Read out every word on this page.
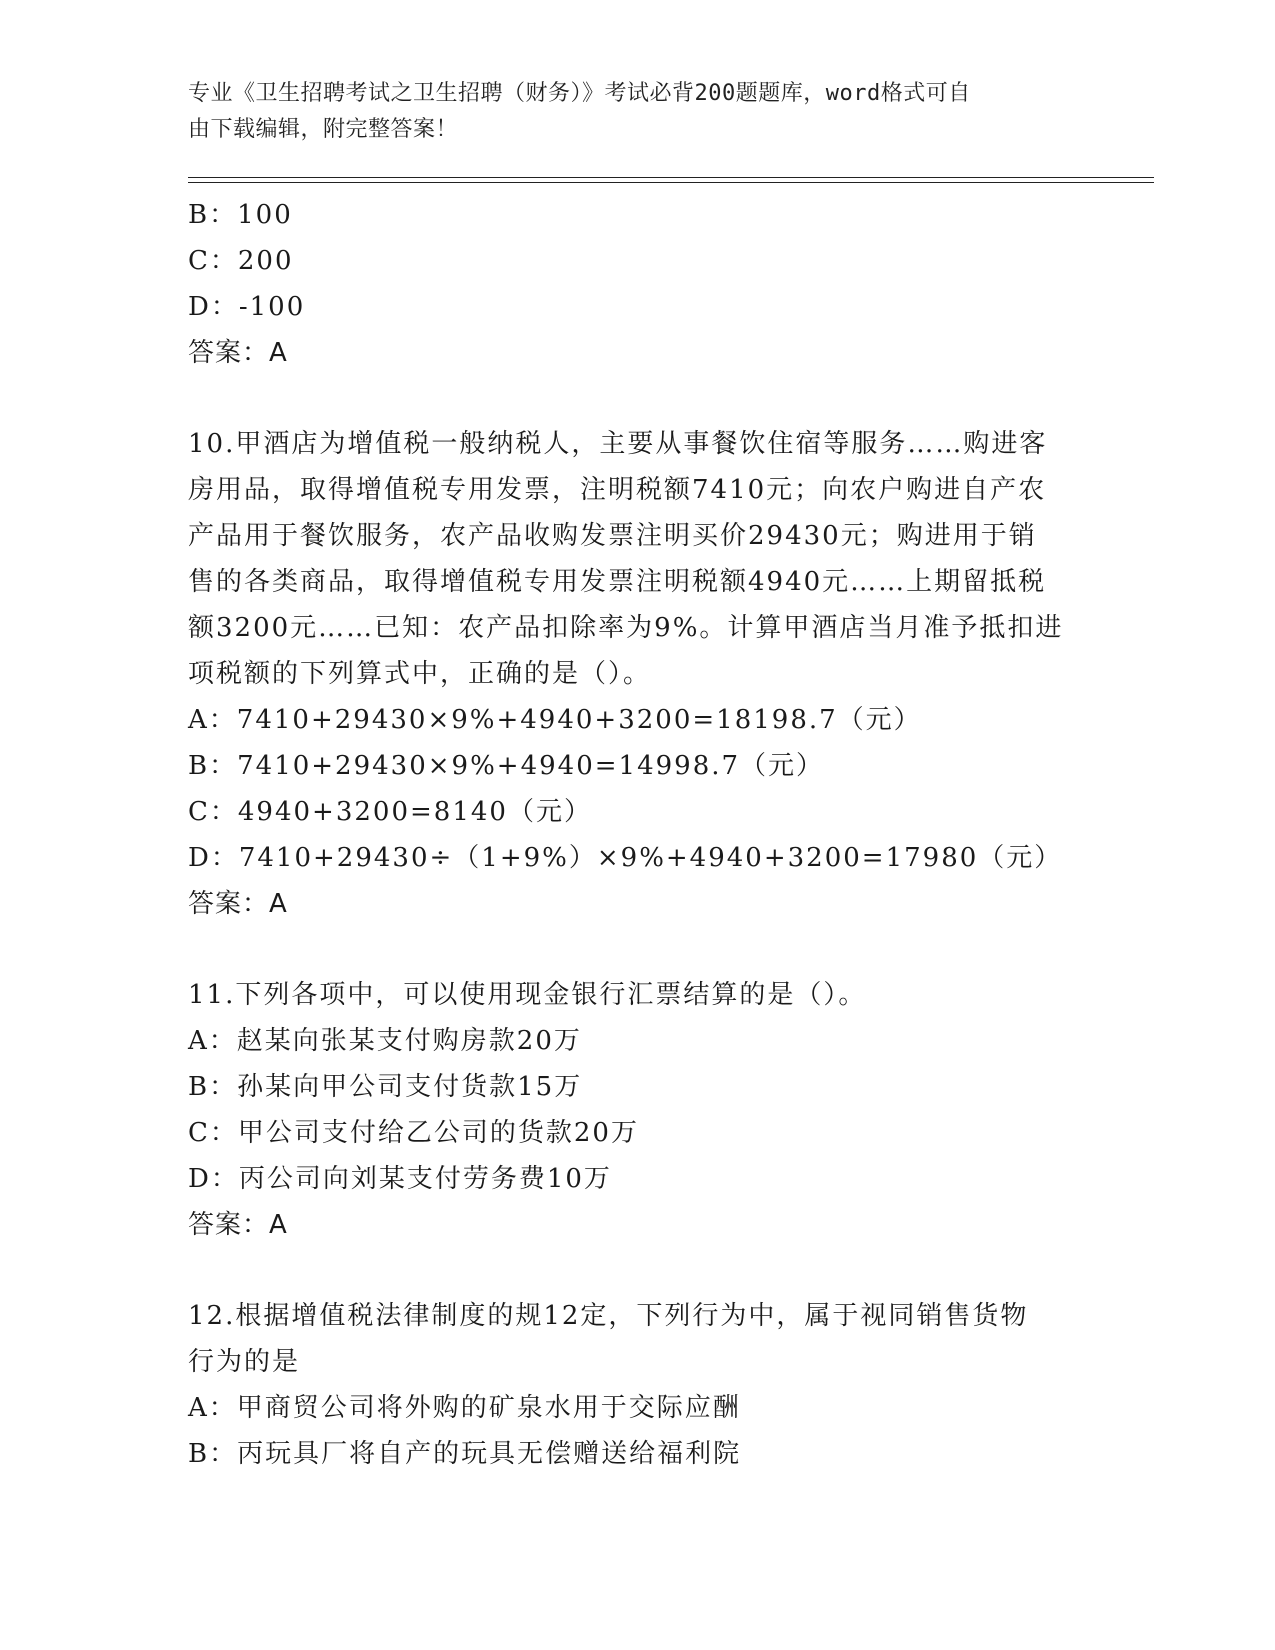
专业《卫生招聘考试之卫生招聘（财务）》考试必背200题题库，word格式可自
由下载编辑，附完整答案！
B：100
C：200
D：-100
答案：A
10.甲酒店为增值税一般纳税人，主要从事餐饮住宿等服务……购进客
房用品，取得增值税专用发票，注明税额7410元；向农户购进自产农
产品用于餐饮服务，农产品收购发票注明买价29430元；购进用于销
售的各类商品，取得增值税专用发票注明税额4940元……上期留抵税
额3200元……已知：农产品扣除率为9%。计算甲酒店当月准予抵扣进
项税额的下列算式中，正确的是（）。
A：7410+29430×9%+4940+3200=18198.7（元）
B：7410+29430×9%+4940=14998.7（元）
C：4940+3200=8140（元）
D：7410+29430÷（1+9%）×9%+4940+3200=17980（元）
答案：A
11.下列各项中，可以使用现金银行汇票结算的是（）。
A：赵某向张某支付购房款20万
B：孙某向甲公司支付货款15万
C：甲公司支付给乙公司的货款20万
D：丙公司向刘某支付劳务费10万
答案：A
12.根据增值税法律制度的规12定，下列行为中，属于视同销售货物
行为的是
A：甲商贸公司将外购的矿泉水用于交际应酬
B：丙玩具厂将自产的玩具无偿赠送给福利院
